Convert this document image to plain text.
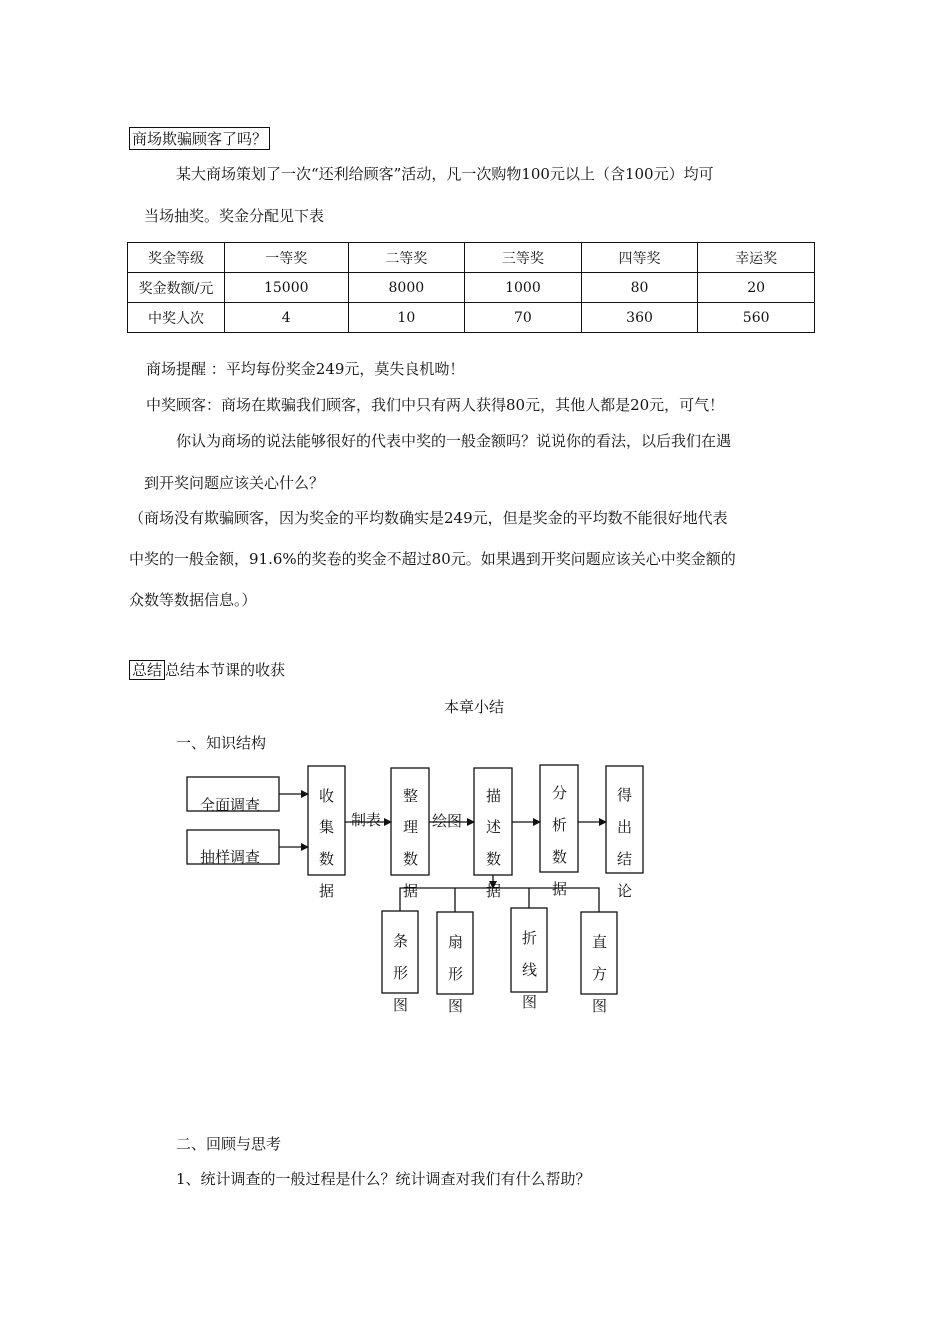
商场欺骗顾客了吗？
某大商场策划了一次“还利给顾客”活动，凡一次购物100元以上（含100元）均可
当场抽奖。奖金分配见下表
奖金等级	一等奖	二等奖	三等奖	四等奖	幸运奖
奖金数额/元	15000	8000	1000	80	20
中奖人次	4	10	70	360	560
商场提醒 ：平均每份奖金249元，莫失良机呦！
中奖顾客：商场在欺骗我们顾客，我们中只有两人获得80元，其他人都是20元，可气！
你认为商场的说法能够很好的代表中奖的一般金额吗？说说你的看法，以后我们在遇
到开奖问题应该关心什么？
（商场没有欺骗顾客，因为奖金的平均数确实是249元，但是奖金的平均数不能很好地代表
中奖的一般金额，91.6%的奖卷的奖金不超过80元。如果遇到开奖问题应该关心中奖金额的
众数等数据信息。）
总结 总结本节课的收获
本章小结
一、知识结构
全面调查
抽样调查
制表	绘图
收
集
数
据
整
理
数
据
描
述
数
据
分
析
数
据
得
出
结
论
条
形
图
扇
形
图
折
线
图
直
方
图
二、回顾与思考
1、统计调查的一般过程是什么？统计调查对我们有什么帮助？
